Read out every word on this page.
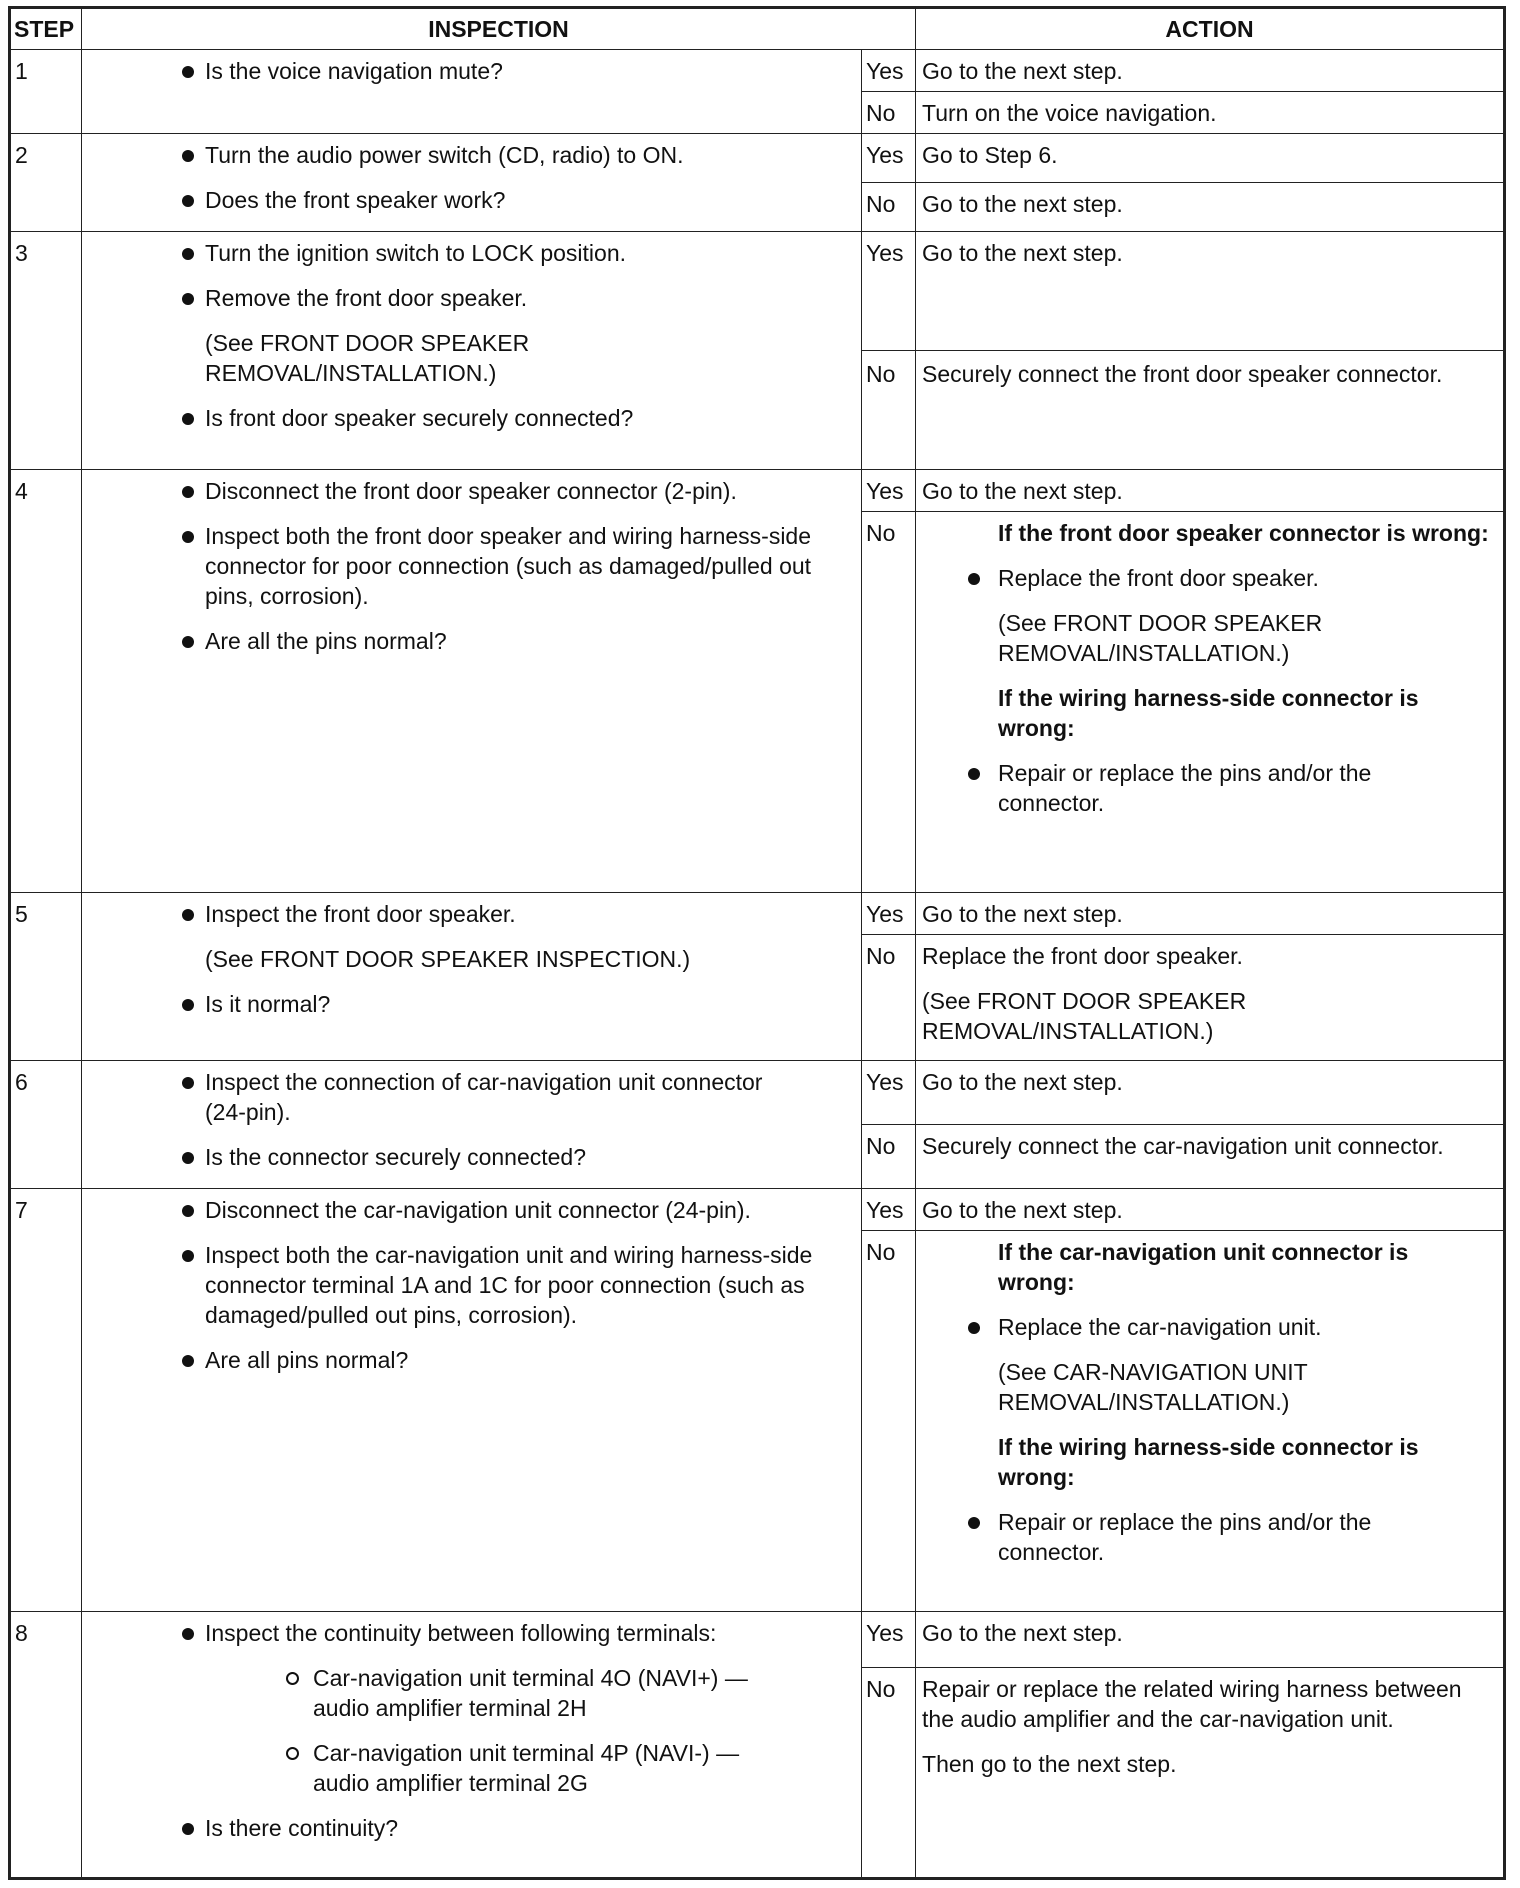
STEP	INSPECTION		ACTION
1	Is the voice navigation mute?	Yes	Go to the next step.
		No	Turn on the voice navigation.
2	Turn the audio power switch (CD, radio) to ON.
Does the front speaker work?	Yes	Go to Step 6.
		No	Go to the next step.
3	Turn the ignition switch to LOCK position.
Remove the front door speaker.
(See FRONT DOOR SPEAKER REMOVAL/INSTALLATION.)
Is front door speaker securely connected?	Yes	Go to the next step.
		No	Securely connect the front door speaker connector.
4	Disconnect the front door speaker connector (2-pin).
Inspect both the front door speaker and wiring harness-side connector for poor connection (such as damaged/pulled out pins, corrosion).
Are all the pins normal?	Yes	Go to the next step.
		No	If the front door speaker connector is wrong:
Replace the front door speaker.
(See FRONT DOOR SPEAKER REMOVAL/INSTALLATION.)
If the wiring harness-side connector is wrong:
Repair or replace the pins and/or the connector.

5	Inspect the front door speaker.
(See FRONT DOOR SPEAKER INSPECTION.)
Is it normal?	Yes	Go to the next step.
		No	Replace the front door speaker.
(See FRONT DOOR SPEAKER REMOVAL/INSTALLATION.)

6	Inspect the connection of car-navigation unit connector (24-pin).
Is the connector securely connected?	Yes	Go to the next step.
		No	Securely connect the car-navigation unit connector.
7	Disconnect the car-navigation unit connector (24-pin).
Inspect both the car-navigation unit and wiring harness-side connector terminal 1A and 1C for poor connection (such as damaged/pulled out pins, corrosion).
Are all pins normal?	Yes	Go to the next step.
		No	If the car-navigation unit connector is wrong:
Replace the car-navigation unit.
(See CAR-NAVIGATION UNIT REMOVAL/INSTALLATION.)
If the wiring harness-side connector is wrong:
Repair or replace the pins and/or the connector.

8	Inspect the continuity between following terminals:
Car-navigation unit terminal 4O (NAVI+) — audio amplifier terminal 2H
Car-navigation unit terminal 4P (NAVI-) — audio amplifier terminal 2G
Is there continuity?	Yes	Go to the next step.
		No	Repair or replace the related wiring harness between the audio amplifier and the car-navigation unit.
Then go to the next step.
